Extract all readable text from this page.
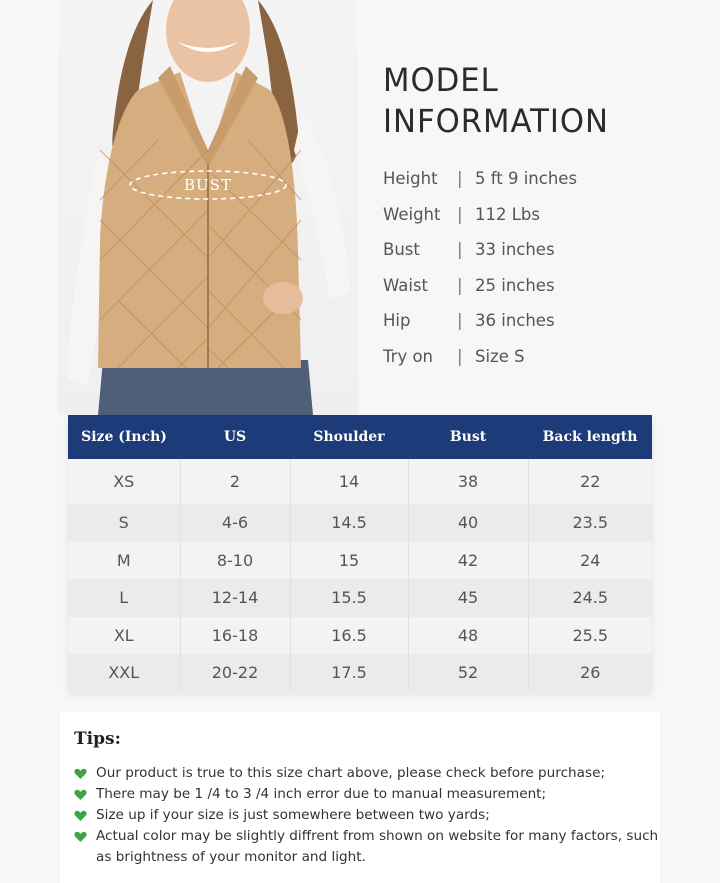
BUST
MODEL
INFORMATION
Height	| 5 ft 9 inches
Weight	| 112 Lbs
Bust	| 33 inches
Waist	| 25 inches
Hip	| 36 inches
Try on	| Size S
Size (Inch)	US	Shoulder	Bust	Back length
XS	2	14	38	22
S	4-6	14.5	40	23.5
M	8-10	15	42	24
L	12-14	15.5	45	24.5
XL	16-18	16.5	48	25.5
XXL	20-22	17.5	52	26
Tips:
Our product is true to this size chart above, please check before purchase;
There may be 1 /4 to 3 /4 inch error due to manual measurement;
Size up if your size is just somewhere between two yards;
Actual color may be slightly diffrent from shown on website for many factors, such as brightness of your monitor and light.
